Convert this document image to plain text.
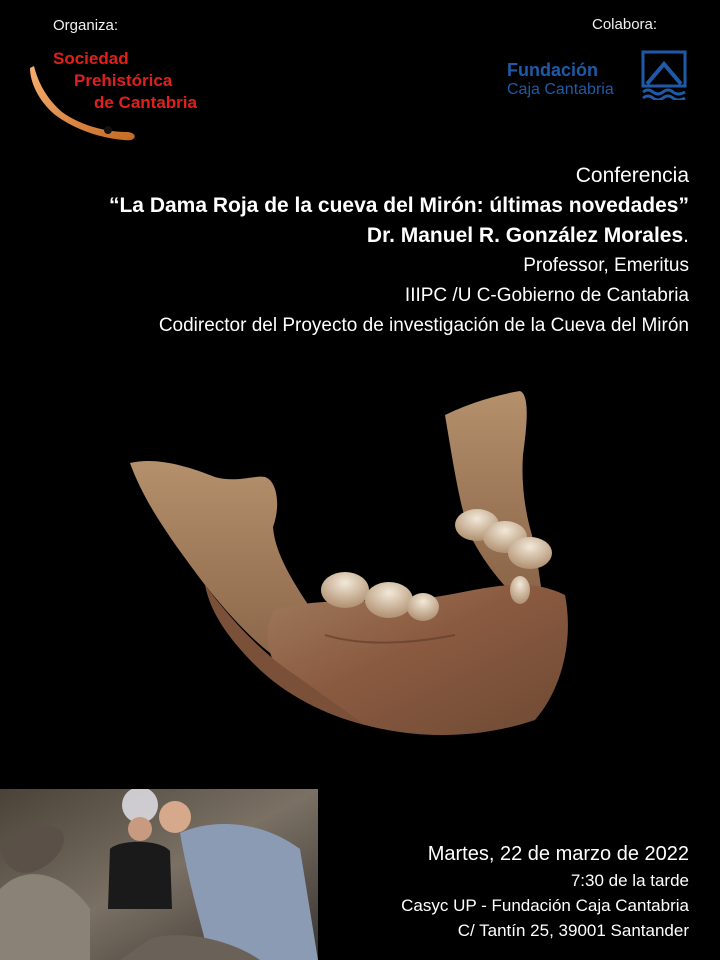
Organiza:	Colabora:
Sociedad
Prehistórica
de Cantabria
Fundación
Caja Cantabria
Conferencia
“La Dama Roja de la cueva del Mirón: últimas novedades”
Dr. Manuel R. González Morales.
Professor, Emeritus
IIIPC /U C-Gobierno de Cantabria
Codirector del Proyecto de investigación de la Cueva del Mirón
Martes, 22 de marzo de 2022
7:30 de la tarde
Casyc UP - Fundación Caja Cantabria
C/ Tantín 25, 39001 Santander
